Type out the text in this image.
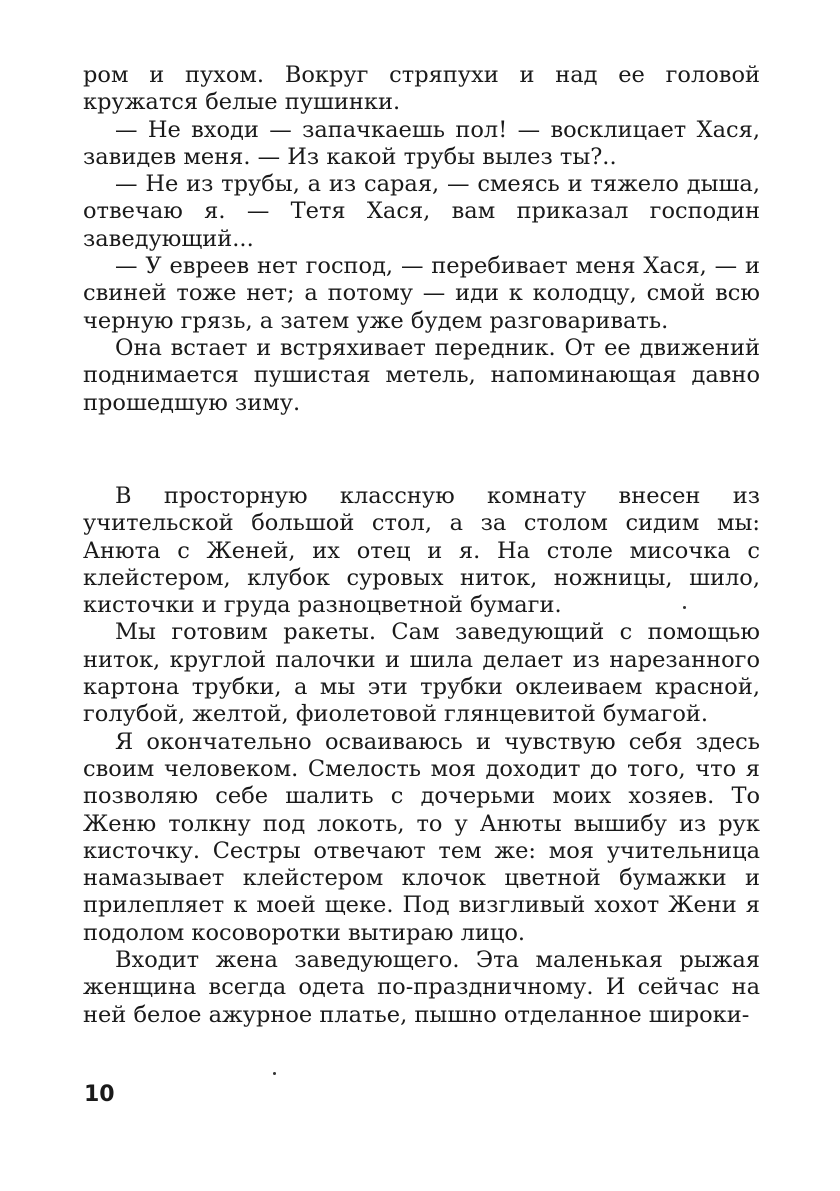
ром и пухом. Вокруг стряпухи и над ее головой кружатся белые пушинки.

— Не входи — запачкаешь пол! — восклицает Хася, завидев меня. — Из какой трубы вылез ты?..

— Не из трубы, а из сарая, — смеясь и тяжело дыша, отвечаю я. — Тетя Хася, вам приказал господин заведующий...

— У евреев нет господ, — перебивает меня Хася, — и свиней тоже нет; а потому — иди к колодцу, смой всю черную грязь, а затем уже будем разговаривать.

Она встает и встряхивает передник. От ее движений поднимается пушистая метель, напоминающая давно прошедшую зиму.

В просторную классную комнату внесен из учительской большой стол, а за столом сидим мы: Анюта с Женей, их отец и я. На столе мисочка с клейстером, клубок суровых ниток, ножницы, шило, кисточки и груда разноцветной бумаги.

Мы готовим ракеты. Сам заведующий с помощью ниток, круглой палочки и шила делает из нарезанного картона трубки, а мы эти трубки оклеиваем красной, голубой, желтой, фиолетовой глянцевитой бумагой.

Я окончательно осваиваюсь и чувствую себя здесь своим человеком. Смелость моя доходит до того, что я позволяю себе шалить с дочерьми моих хозяев. То Женю толкну под локоть, то у Анюты вышибу из рук кисточку. Сестры отвечают тем же: моя учительница намазывает клейстером клочок цветной бумажки и прилепляет к моей щеке. Под визгливый хохот Жени я подолом косоворотки вытираю лицо.

Входит жена заведующего. Эта маленькая рыжая женщина всегда одета по-праздничному. И сейчас на ней белое ажурное платье, пышно отделанное широки-

10
